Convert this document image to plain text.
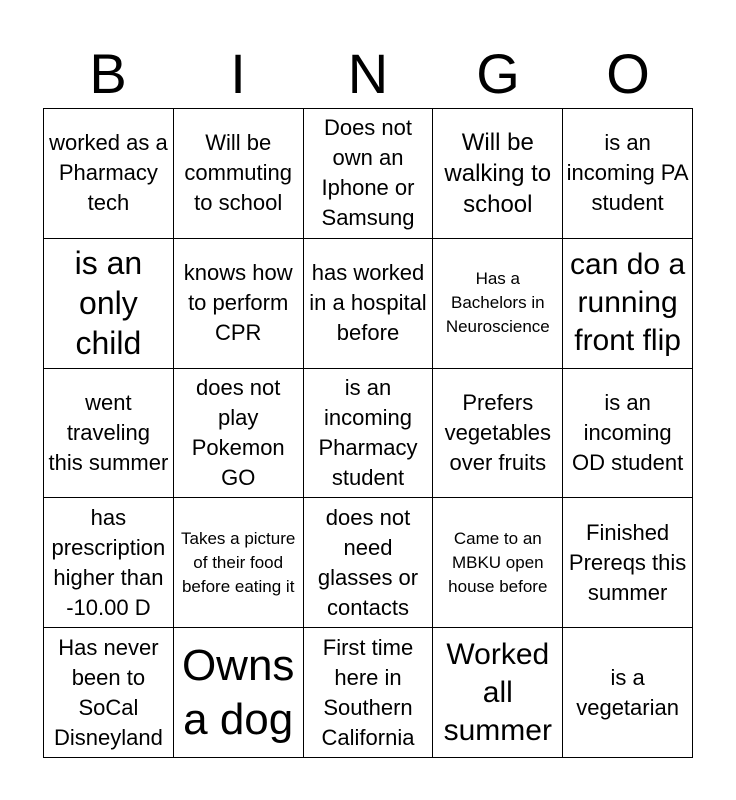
B	I	N	G	O
worked as a Pharmacy tech
Will be commuting to school
Does not own an Iphone or Samsung
Will be walking to school
is an incoming PA student
is an only child
knows how to perform CPR
has worked in a hospital before
Has a Bachelors in Neuroscience
can do a running front flip
went traveling this summer
does not play Pokemon GO
is an incoming Pharmacy student
Prefers vegetables over fruits
is an incoming OD student
has prescription higher than -10.00 D
Takes a picture of their food before eating it
does not need glasses or contacts
Came to an MBKU open house before
Finished Prereqs this summer
Has never been to SoCal Disneyland
Owns a dog
First time here in Southern California
Worked all summer
is a vegetarian
